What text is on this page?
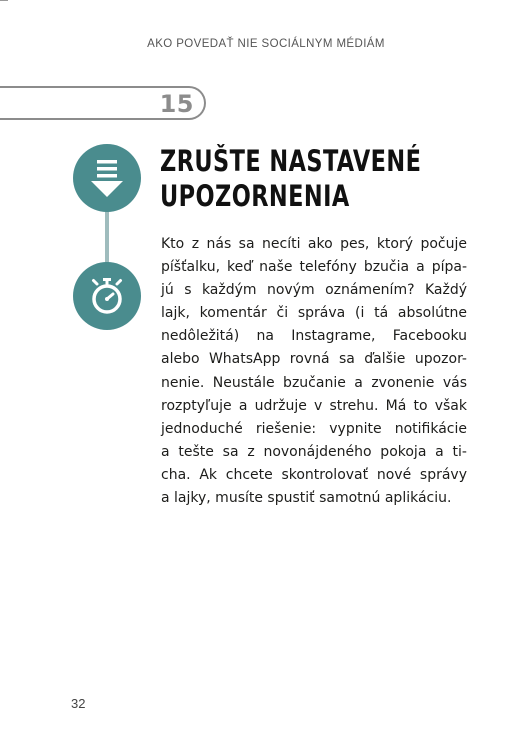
AKO POVEDAŤ NIE SOCIÁLNYM MÉDIÁM
15
ZRUŠTE NASTAVENÉ
UPOZORNENIA
Kto z nás sa necíti ako pes, ktorý počuje
píšťalku, keď naše telefóny bzučia a pípa-
jú s každým novým oznámením? Každý
lajk, komentár či správa (i tá absolútne
nedôležitá) na Instagrame, Facebooku
alebo WhatsApp rovná sa ďalšie upozor-
nenie. Neustále bzučanie a zvonenie vás
rozptyľuje a udržuje v strehu. Má to však
jednoduché riešenie: vypnite notifikácie
a tešte sa z novonájdeného pokoja a ti-
cha. Ak chcete skontrolovať nové správy
a lajky, musíte spustiť samotnú aplikáciu.
32
